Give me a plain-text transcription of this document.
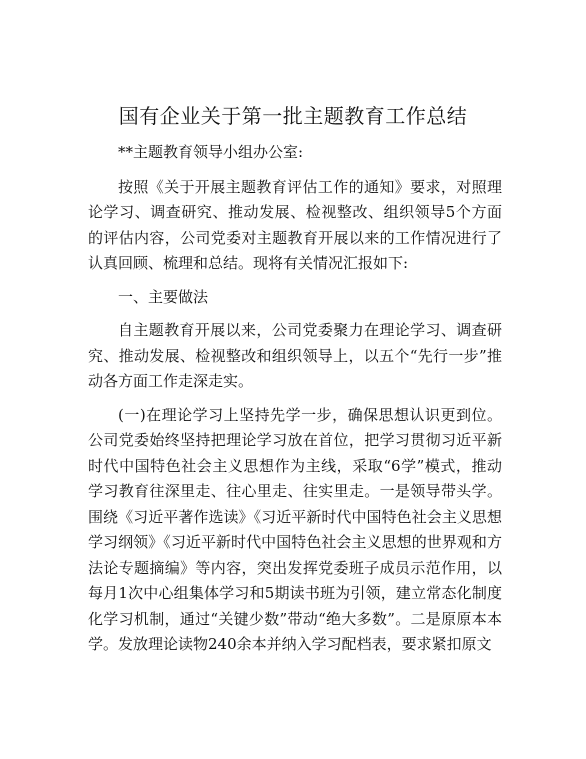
国有企业关于第一批主题教育工作总结

**主题教育领导小组办公室:

按照《关于开展主题教育评估工作的通知》要求，对照理论学习、调查研究、推动发展、检视整改、组织领导5个方面的评估内容，公司党委对主题教育开展以来的工作情况进行了认真回顾、梳理和总结。现将有关情况汇报如下:

一、主要做法

自主题教育开展以来，公司党委聚力在理论学习、调查研究、推动发展、检视整改和组织领导上，以五个“先行一步”推动各方面工作走深走实。

(一)在理论学习上坚持先学一步，确保思想认识更到位。公司党委始终坚持把理论学习放在首位，把学习贯彻习近平新时代中国特色社会主义思想作为主线，采取“6学”模式，推动学习教育往深里走、往心里走、往实里走。一是领导带头学。围绕《习近平著作选读》《习近平新时代中国特色社会主义思想学习纲领》《习近平新时代中国特色社会主义思想的世界观和方法论专题摘编》等内容，突出发挥党委班子成员示范作用，以每月1次中心组集体学习和5期读书班为引领，建立常态化制度化学习机制，通过“关键少数”带动“绝大多数”。二是原原本本学。发放理论读物240余本并纳入学习配档表，要求紧扣原文
